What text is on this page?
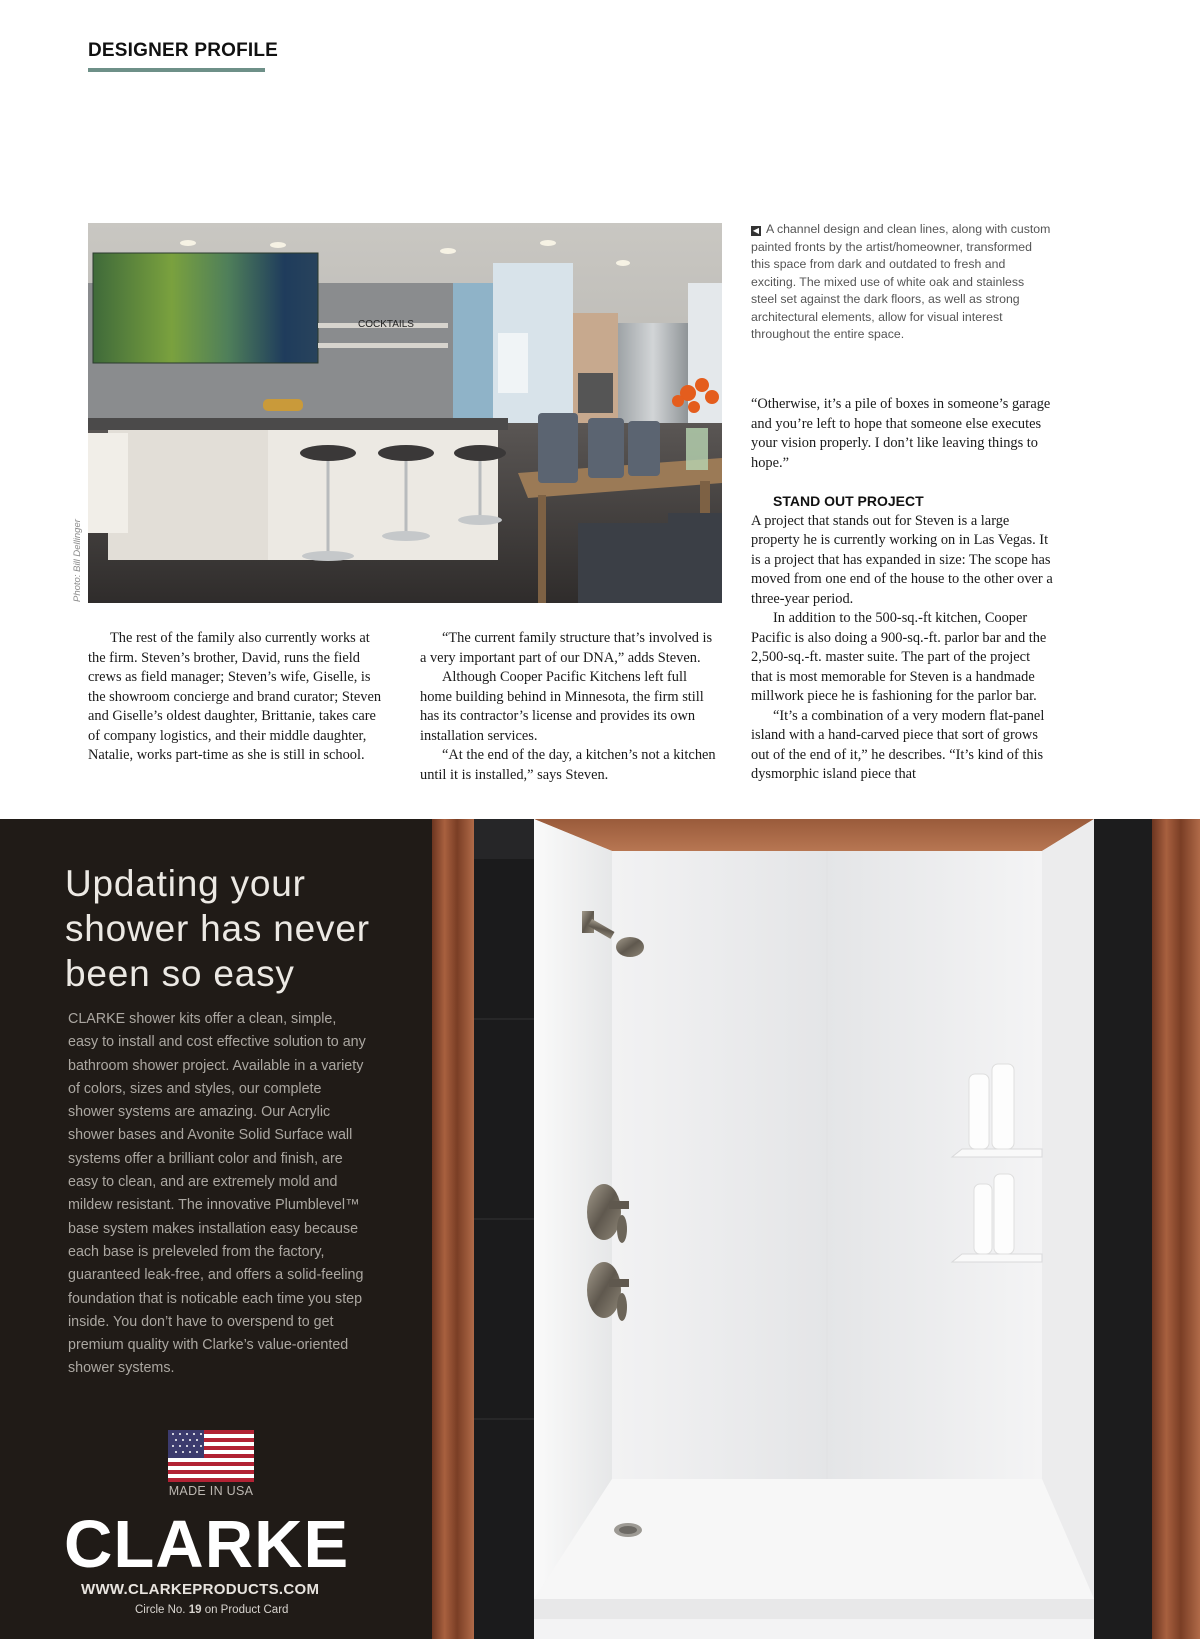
DESIGNER PROFILE
COCKTAILS
Photo: Bill Dellinger
◀ A channel design and clean lines, along with custom painted fronts by the artist/homeowner, transformed this space from dark and outdated to fresh and exciting. The mixed use of white oak and stainless steel set against the dark floors, as well as strong architectural elements, allow for visual interest throughout the entire space.

The rest of the family also currently works at the firm. Steven’s brother, David, runs the field crews as field manager; Steven’s wife, Giselle, is the showroom concierge and brand curator; Steven and Giselle’s oldest daughter, Brittanie, takes care of company logistics, and their middle daughter, Natalie, works part-time as she is still in school.

“The current family structure that’s involved is a very important part of our DNA,” adds Steven.

Although Cooper Pacific Kitchens left full home building behind in Minnesota, the firm still has its contractor’s license and provides its own installation services.

“At the end of the day, a kitchen’s not a kitchen until it is installed,” says Steven.

“Otherwise, it’s a pile of boxes in someone’s garage and you’re left to hope that someone else executes your vision properly. I don’t like leaving things to hope.”

STAND OUT PROJECT

A project that stands out for Steven is a large property he is currently working on in Las Vegas. It is a project that has expanded in size: The scope has moved from one end of the house to the other over a three-year period.

In addition to the 500-sq.-ft kitchen, Cooper Pacific is also doing a 900-sq.-ft. parlor bar and the 2,500-sq.-ft. master suite. The part of the project that is most memorable for Steven is a handmade millwork piece he is fashioning for the parlor bar.

“It’s a combination of a very modern flat-panel island with a hand-carved piece that sort of grows out of the end of it,” he describes. “It’s kind of this dysmorphic island piece that

Updating your shower has never been so easy
CLARKE shower kits offer a clean, simple, easy to install and cost effective solution to any bathroom shower project. Available in a variety of colors, sizes and styles, our complete shower systems are amazing. Our Acrylic shower bases and Avonite Solid Surface wall systems offer a brilliant color and finish, are easy to clean, and are extremely mold and mildew resistant. The innovative Plumblevel™ base system makes installation easy because each base is preleveled from the factory, guaranteed leak-free, and offers a solid-feeling foundation that is noticable each time you step inside. You don’t have to overspend to get premium quality with Clarke’s value-oriented shower systems.
MADE IN USA
CLARKE
WWW.CLARKEPRODUCTS.COM
Circle No. 19 on Product Card
